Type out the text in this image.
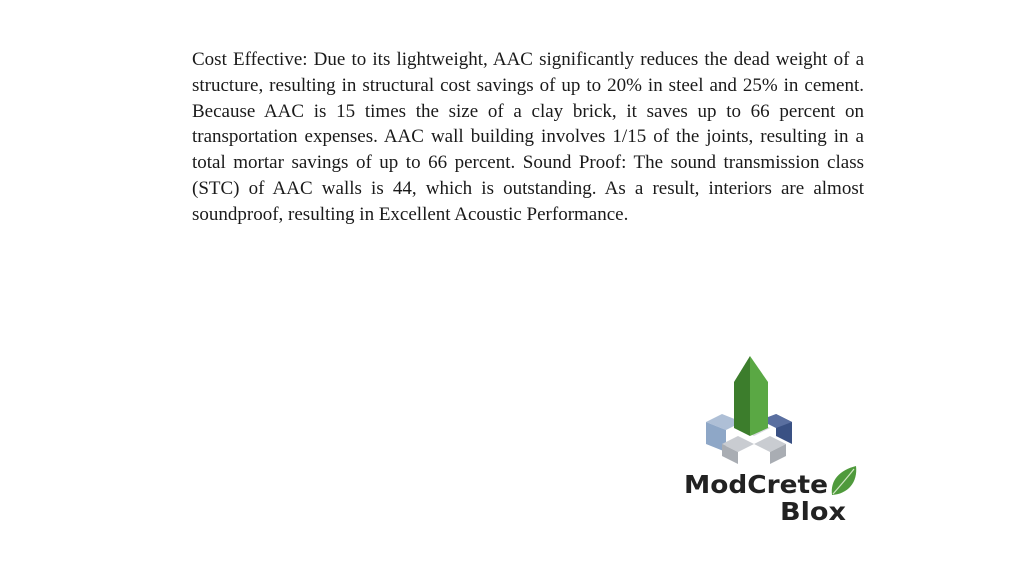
Cost Effective: Due to its lightweight, AAC significantly reduces the dead weight of a structure, resulting in structural cost savings of up to 20% in steel and 25% in cement. Because AAC is 15 times the size of a clay brick, it saves up to 66 percent on transportation expenses. AAC wall building involves 1/15 of the joints, resulting in a total mortar savings of up to 66 percent. Sound Proof: The sound transmission class (STC) of AAC walls is 44, which is outstanding. As a result, interiors are almost soundproof, resulting in Excellent Acoustic Performance.

ModCrete
Blox
